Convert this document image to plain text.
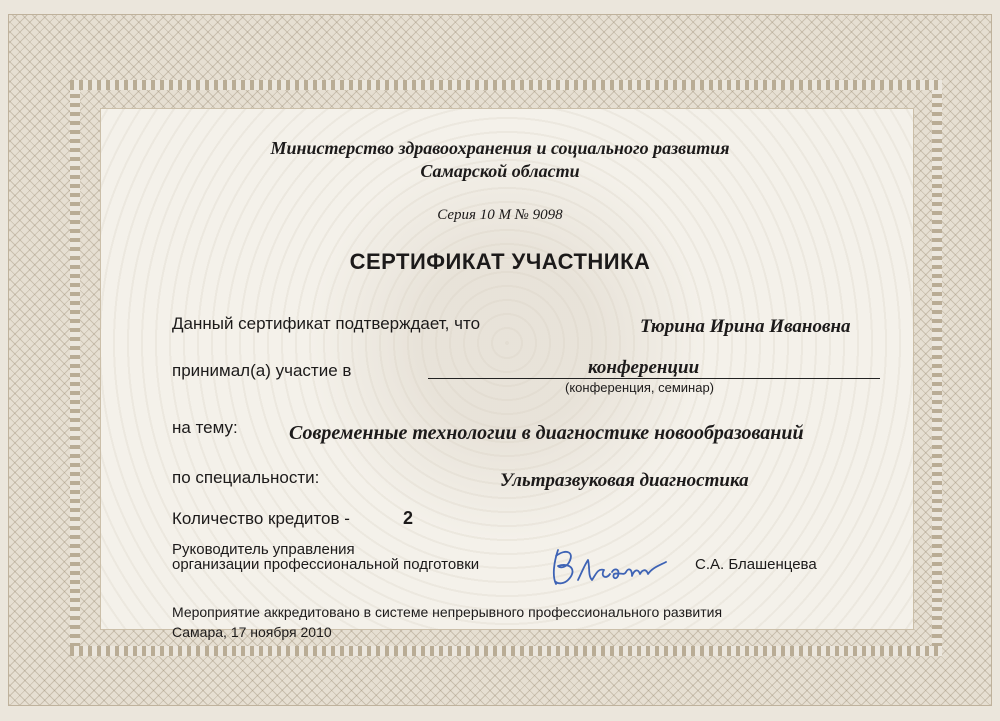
Министерство здравоохранения и социального развития
Самарской области
Серия 10 М № 9098
СЕРТИФИКАТ УЧАСТНИКА
Данный сертификат подтверждает, что	Тюрина Ирина Ивановна
принимал(а) участие в	конференции
(конференция, семинар)
на тему:	Современные технологии в диагностике новообразований
по специальности:	Ультразвуковая диагностика
Количество кредитов -	2
Руководитель управления
организации профессиональной подготовки	С.А. Блашенцева
Мероприятие аккредитовано в системе непрерывного профессионального развития
Самара, 17 ноября 2010
